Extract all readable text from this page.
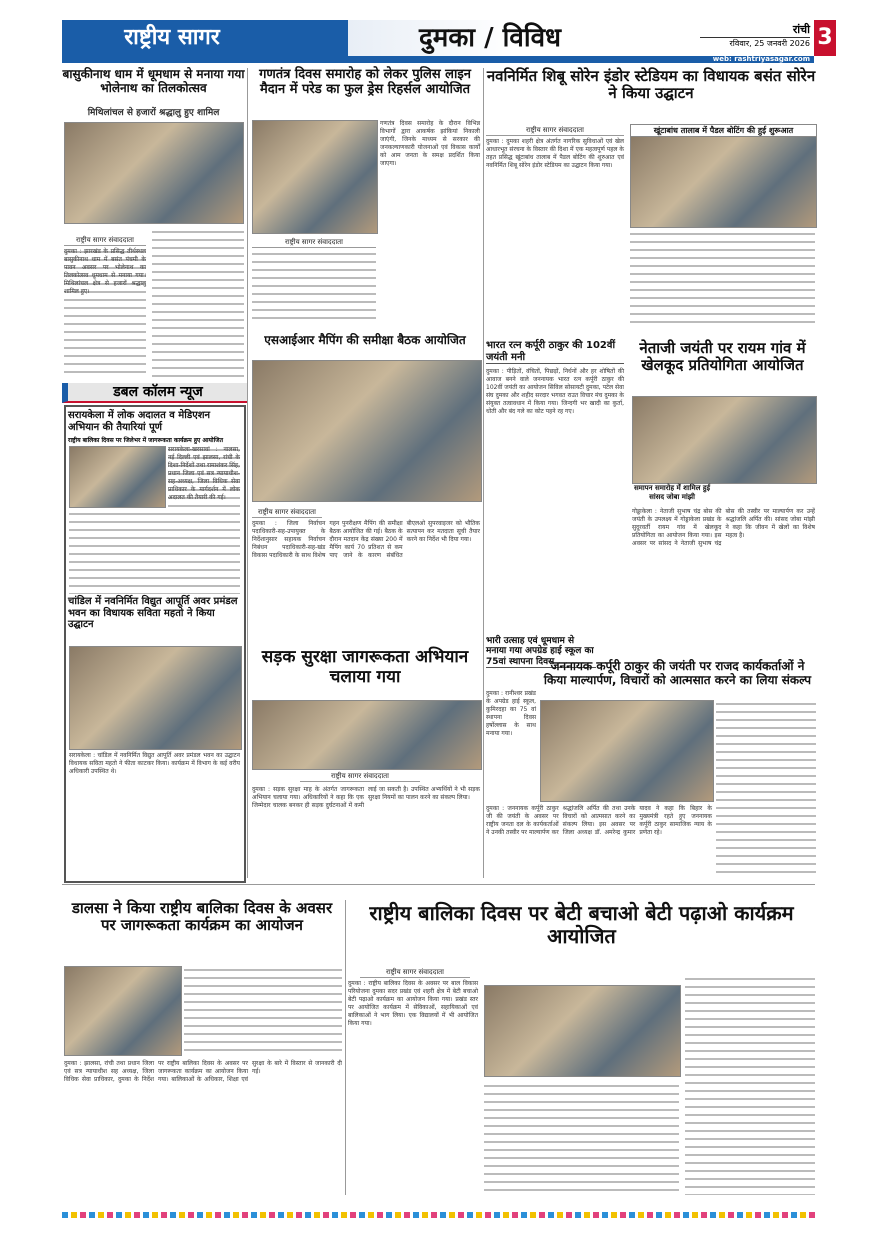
राष्ट्रीय सागर	दुमका / विविध	रांची
रविवार, 25 जनवरी 2026
web: rashtriyasagar.com
3
बासुकीनाथ धाम में धूमधाम से मनाया गया भोलेनाथ का तिलकोत्सव
मिथिलांचल से हजारों श्रद्धालु हुए शामिल
राष्ट्रीय सागर संवाददाता
दुमका : झारखंड के प्रसिद्ध तीर्थस्थल बासुकीनाथ धाम में बसंत पंचमी के पावन अवसर पर भोलेनाथ का तिलकोत्सव धूमधाम से मनाया गया। मिथिलांचल क्षेत्र से हजारों श्रद्धालु शामिल हुए।
डबल कॉलम न्यूज
सरायकेला में लोक अदालत व मेडिएशन अभियान की तैयारियां पूर्ण
राष्ट्रीय बालिका दिवस पर जिलेभर में जागरूकता कार्यक्रम हुए आयोजित
सरायकेला-खरसावां : नालसा, नई दिल्ली एवं झालसा, रांची के दिशा-निर्देशों तथा रामाशंकर सिंह, प्रधान जिला एवं सत्र न्यायाधीश-सह-अध्यक्ष, जिला विधिक सेवा प्राधिकार के मार्गदर्शन में लोक अदालत की तैयारी की गई।
चांडिल में नवनिर्मित विद्युत आपूर्ति अवर प्रमंडल भवन का विधायक सविता महतो ने किया उद्घाटन
सरायकेला : चांडिल में नवनिर्मित विद्युत आपूर्ति अवर प्रमंडल भवन का उद्घाटन विधायक सविता महतो ने फीता काटकर किया। कार्यक्रम में विभाग के कई वरीय अधिकारी उपस्थित थे।
गणतंत्र दिवस समारोह को लेकर पुलिस लाइन मैदान में परेड का फुल ड्रेस रिहर्सल आयोजित
राष्ट्रीय सागर संवाददाता
गणतंत्र दिवस समारोह के दौरान विभिन्न विभागों द्वारा आकर्षक झांकियां निकाली जाएंगी, जिनके माध्यम से सरकार की जनकल्याणकारी योजनाओं एवं विकास कार्यों को आम जनता के समक्ष प्रदर्शित किया जाएगा।
एसआईआर मैपिंग की समीक्षा बैठक आयोजित
राष्ट्रीय सागर संवाददाता
दुमका : जिला निर्वाचन पदाधिकारी-सह-उपायुक्त के निर्देशानुसार सहायक निर्वाचन निबंधन पदाधिकारी-सह-खंड विकास पदाधिकारी के साथ विशेष गहन पुनरीक्षण मैपिंग की समीक्षा बैठक आयोजित की गई। बैठक के दौरान मतदान केंद्र संख्या 200 में मैपिंग कार्य 70 प्रतिशत से कम पाए जाने के कारण संबंधित बीएलओ सुपरवाइजर को भौतिक सत्यापन कर मतदाता सूची तैयार करने का निर्देश भी दिया गया।
सड़क सुरक्षा जागरूकता अभियान चलाया गया
राष्ट्रीय सागर संवाददाता
दुमका : सड़क सुरक्षा माह के अंतर्गत जागरूकता अभियान चलाया गया। अधिकारियों ने कहा कि एक जिम्मेदार चालक बनकर ही सड़क दुर्घटनाओं में कमी लाई जा सकती है। उपस्थित अभ्यर्थियों ने भी सड़क सुरक्षा नियमों का पालन करने का संकल्प लिया।
नवनिर्मित शिबू सोरेन इंडोर स्टेडियम का विधायक बसंत सोरेन ने किया उद्घाटन
राष्ट्रीय सागर संवाददाता
दुमका : दुमका शहरी क्षेत्र अंतर्गत नागरिक सुविधाओं एवं खेल आधारभूत संरचना के विस्तार की दिशा में एक महत्वपूर्ण पहल के तहत प्रसिद्ध खूंटाबांध तालाब में पैडल बोटिंग की शुरुआत एवं नवनिर्मित शिबू सोरेन इंडोर स्टेडियम का उद्घाटन किया गया।
खूंटाबांध तालाब में पैडल बोटिंग की हुई शुरूआत
भारत रत्न कर्पूरी ठाकुर की 102वीं जयंती मनी
दुमका : पीड़ितों, वंचितों, पिछड़ों, निर्धनों और हर शोषितों की आवाज बनने वाले जननायक भारत रत्न कर्पूरी ठाकुर की 102वीं जयंती का आयोजन सिविल सोसायटी दुमका, पटेल सेवा संघ दुमका और शहीद सरदार भगवत राउत विचार मंच दुमका के संयुक्त तत्वावधान में किया गया। जिन्दगी भर खादी का कुर्ता, धोती और बंद गले का कोट पहने रह गए।
नेताजी जयंती पर रायम गांव में खेलकूद प्रतियोगिता आयोजित
समापन समारोह में शामिल हुई सांसद जोबा मांझी
गोड्डाकेला : नेताजी सुभाष चंद्र बोस की जयंती के उपलक्ष्य में गोड्डाकेला प्रखंड के सुदूरवर्ती रायम गांव में खेलकूद प्रतियोगिता का आयोजन किया गया। इस अवसर पर सांसद ने नेताजी सुभाष चंद्र बोस की तस्वीर पर माल्यार्पण कर उन्हें श्रद्धांजलि अर्पित की। सांसद जोबा मांझी ने कहा कि जीवन में खेलों का विशेष महत्व है।
भारी उत्साह एवं धूमधाम से मनाया गया अपग्रेड हाई स्कूल का 75वां स्थापना दिवस
दुमका : रानीश्वर प्रखंड के अपग्रेड हाई स्कूल, कुमिरदहा का 75 वां स्थापना दिवस हर्षोल्लास के साथ मनाया गया।
जननायक कर्पूरी ठाकुर की जयंती पर राजद कार्यकर्ताओं ने किया माल्यार्पण, विचारों को आत्मसात करने का लिया संकल्प
दुमका : जननायक कर्पूरी ठाकुर जी की जयंती के अवसर पर राष्ट्रीय जनता दल के कार्यकर्ताओं ने उनकी तस्वीर पर माल्यार्पण कर श्रद्धांजलि अर्पित की तथा उनके विचारों को आत्मसात करने का संकल्प लिया। इस अवसर पर जिला अध्यक्ष डॉ. अमरेन्द्र कुमार यादव ने कहा कि बिहार के मुख्यमंत्री रहते हुए जननायक कर्पूरी ठाकुर सामाजिक न्याय के प्रणेता रहे।
डालसा ने किया राष्ट्रीय बालिका दिवस के अवसर पर जागरूकता कार्यक्रम का आयोजन
दुमका : झालसा, रांची तथा प्रधान जिला एवं सत्र न्यायाधीश सह अध्यक्ष, जिला विधिक सेवा प्राधिकार, दुमका के निर्देश पर राष्ट्रीय बालिका दिवस के अवसर पर जागरूकता कार्यक्रम का आयोजन किया गया। बालिकाओं के अधिकार, शिक्षा एवं सुरक्षा के बारे में विस्तार से जानकारी दी गई।
राष्ट्रीय बालिका दिवस पर बेटी बचाओ बेटी पढ़ाओ कार्यक्रम आयोजित
राष्ट्रीय सागर संवाददाता
दुमका : राष्ट्रीय बालिका दिवस के अवसर पर बाल विकास परियोजना दुमका सदर प्रखंड एवं शहरी क्षेत्र में बेटी बचाओ बेटी पढ़ाओ कार्यक्रम का आयोजन किया गया। प्रखंड स्तर पर आयोजित कार्यक्रम में सेविकाओं, सहायिकाओं एवं बालिकाओं ने भाग लिया। एक विद्यालयों में भी आयोजित किया गया।
